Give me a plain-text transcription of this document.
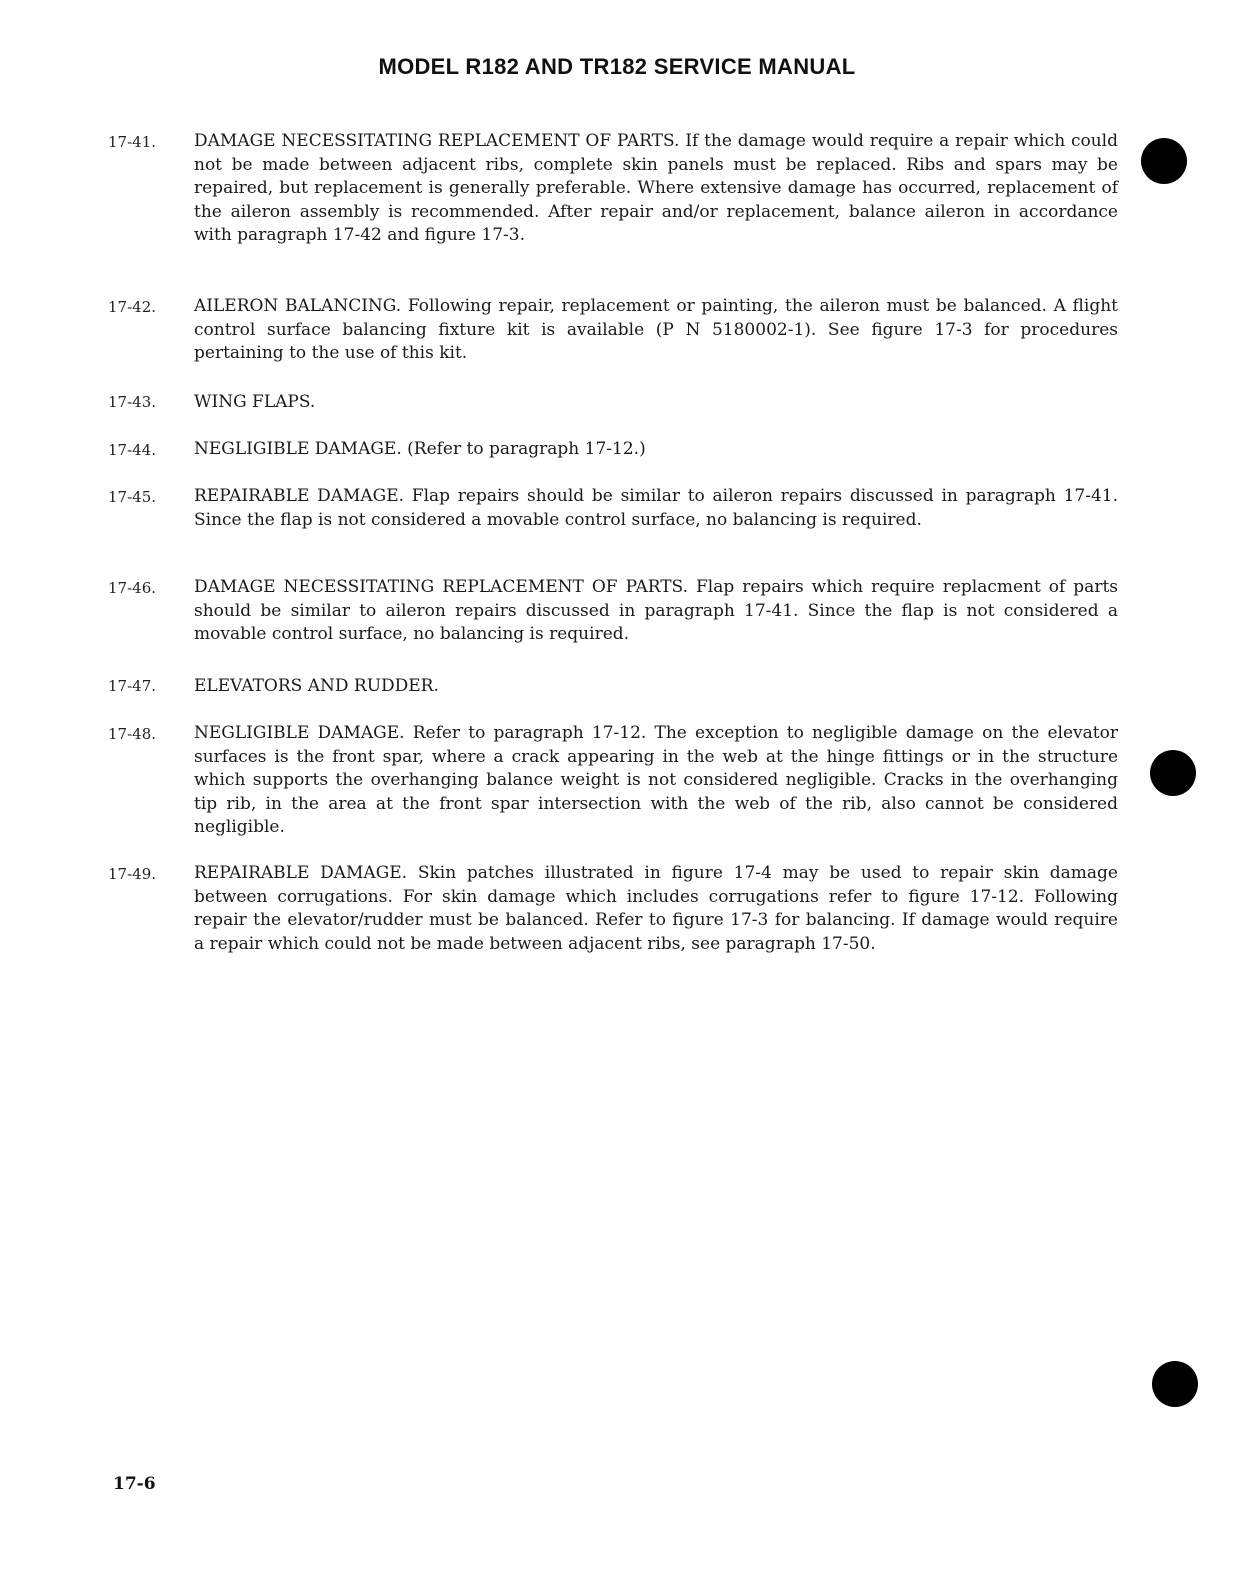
MODEL R182 AND TR182 SERVICE MANUAL
17-41.	DAMAGE NECESSITATING REPLACEMENT OF PARTS. If the damage would require a repair which could not be made between adjacent ribs, complete skin panels must be replaced. Ribs and spars may be repaired, but replacement is generally preferable. Where extensive damage has occurred, replacement of the aileron assembly is recommended. After repair and/or replacement, balance aileron in accordance with paragraph 17-42 and figure 17-3.
17-42.	AILERON BALANCING. Following repair, replacement or painting, the aileron must be balanced. A flight control surface balancing fixture kit is available (P N 5180002-1). See figure 17-3 for procedures pertaining to the use of this kit.
17-43.	WING FLAPS.
17-44.	NEGLIGIBLE DAMAGE. (Refer to paragraph 17-12.)
17-45.	REPAIRABLE DAMAGE. Flap repairs should be similar to aileron repairs discussed in paragraph 17-41. Since the flap is not considered a movable control surface, no balancing is required.
17-46.	DAMAGE NECESSITATING REPLACEMENT OF PARTS. Flap repairs which require replacment of parts should be similar to aileron repairs discussed in paragraph 17-41. Since the flap is not considered a movable control surface, no balancing is required.
17-47.	ELEVATORS AND RUDDER.
17-48.	NEGLIGIBLE DAMAGE. Refer to paragraph 17-12. The exception to negligible damage on the elevator surfaces is the front spar, where a crack appearing in the web at the hinge fittings or in the structure which supports the overhanging balance weight is not considered negligible. Cracks in the overhanging tip rib, in the area at the front spar intersection with the web of the rib, also cannot be considered negligible.
17-49.	REPAIRABLE DAMAGE. Skin patches illustrated in figure 17-4 may be used to repair skin damage between corrugations. For skin damage which includes corrugations refer to figure 17-12. Following repair the elevator/rudder must be balanced. Refer to figure 17-3 for balancing. If damage would require a repair which could not be made between adjacent ribs, see paragraph 17-50.
17-6
